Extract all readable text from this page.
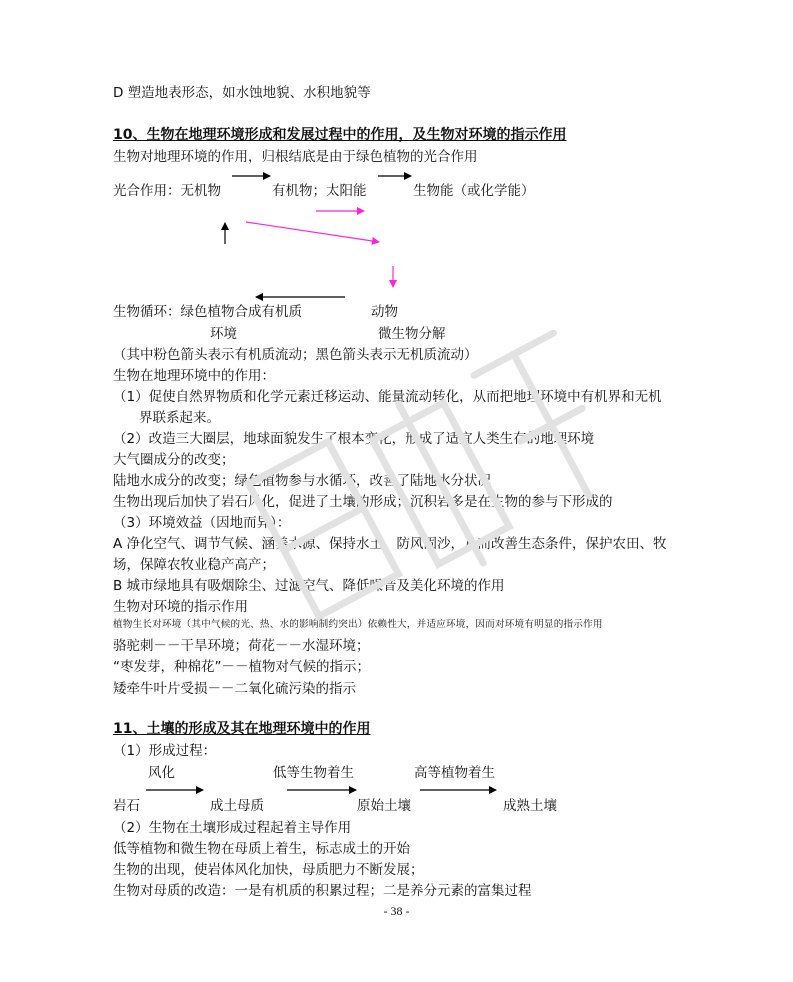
D 塑造地表形态，如水蚀地貌、水积地貌等
10、生物在地理环境形成和发展过程中的作用，及生物对环境的指示作用
生物对地理环境的作用，归根结底是由于绿色植物的光合作用
光合作用：无机物	有机物；太阳能	生物能（或化学能）
生物循环：绿色植物合成有机质	动物
环境	微生物分解
（其中粉色箭头表示有机质流动；黑色箭头表示无机质流动）
生物在地理环境中的作用：
（1）促使自然界物质和化学元素迁移运动、能量流动转化，从而把地理环境中有机界和无机
界联系起来。
（2）改造三大圈层，地球面貌发生了根本变化，形成了适宜人类生存的地理环境
大气圈成分的改变；
陆地水成分的改变；绿色植物参与水循环，改善了陆地水分状况
生物出现后加快了岩石风化，促进了土壤的形成；沉积岩多是在生物的参与下形成的
（3）环境效益（因地而异）：
A 净化空气、调节气候、涵养水源、保持水土、防风固沙，从而改善生态条件，保护农田、牧
场，保障农牧业稳产高产；
B 城市绿地具有吸烟除尘、过滤空气、降低噪音及美化环境的作用
生物对环境的指示作用
植物生长对环境（其中气候的光、热、水的影响制约突出）依赖性大，并适应环境，因而对环境有明显的指示作用
骆驼刺－－干旱环境；荷花－－水湿环境；
“枣发芽，种棉花”－－植物对气候的指示；
矮牵牛叶片受损－－二氧化硫污染的指示
11、土壤的形成及其在地理环境中的作用
（1）形成过程：
风化	低等生物着生	高等植物着生
岩石	成土母质	原始土壤	成熟土壤
（2）生物在土壤形成过程起着主导作用
低等植物和微生物在母质上着生，标志成土的开始
生物的出现，使岩体风化加快，母质肥力不断发展；
生物对母质的改造：一是有机质的积累过程；二是养分元素的富集过程
- 38 -
